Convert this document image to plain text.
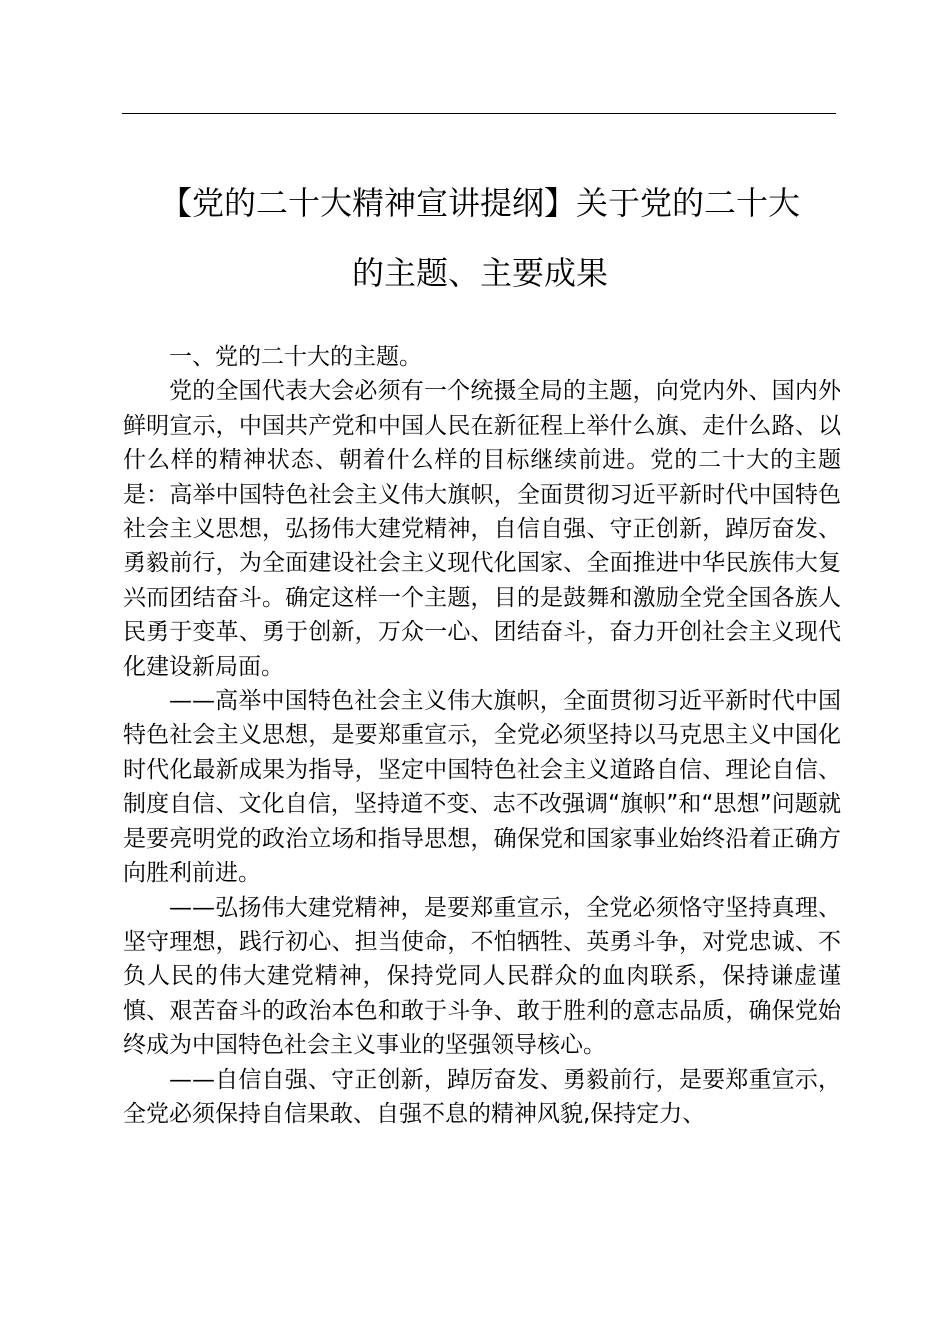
【党的二十大精神宣讲提纲】关于党的二十大
的主题、主要成果

一、党的二十大的主题。

党的全国代表大会必须有一个统摄全局的主题，向党内外、国内外鲜明宣示，中国共产党和中国人民在新征程上举什么旗、走什么路、以什么样的精神状态、朝着什么样的目标继续前进。党的二十大的主题是：高举中国特色社会主义伟大旗帜，全面贯彻习近平新时代中国特色社会主义思想，弘扬伟大建党精神，自信自强、守正创新，踔厉奋发、勇毅前行，为全面建设社会主义现代化国家、全面推进中华民族伟大复兴而团结奋斗。确定这样一个主题，目的是鼓舞和激励全党全国各族人民勇于变革、勇于创新，万众一心、团结奋斗，奋力开创社会主义现代化建设新局面。

——高举中国特色社会主义伟大旗帜，全面贯彻习近平新时代中国特色社会主义思想，是要郑重宣示，全党必须坚持以马克思主义中国化时代化最新成果为指导，坚定中国特色社会主义道路自信、理论自信、制度自信、文化自信，坚持道不变、志不改强调“旗帜”和“思想”问题就是要亮明党的政治立场和指导思想，确保党和国家事业始终沿着正确方向胜利前进。

——弘扬伟大建党精神，是要郑重宣示，全党必须恪守坚持真理、坚守理想，践行初心、担当使命，不怕牺牲、英勇斗争，对党忠诚、不负人民的伟大建党精神，保持党同人民群众的血肉联系，保持谦虚谨慎、艰苦奋斗的政治本色和敢于斗争、敢于胜利的意志品质，确保党始终成为中国特色社会主义事业的坚强领导核心。

——自信自强、守正创新，踔厉奋发、勇毅前行，是要郑重宣示，全党必须保持自信果敢、自强不息的精神风貌,保持定力、
